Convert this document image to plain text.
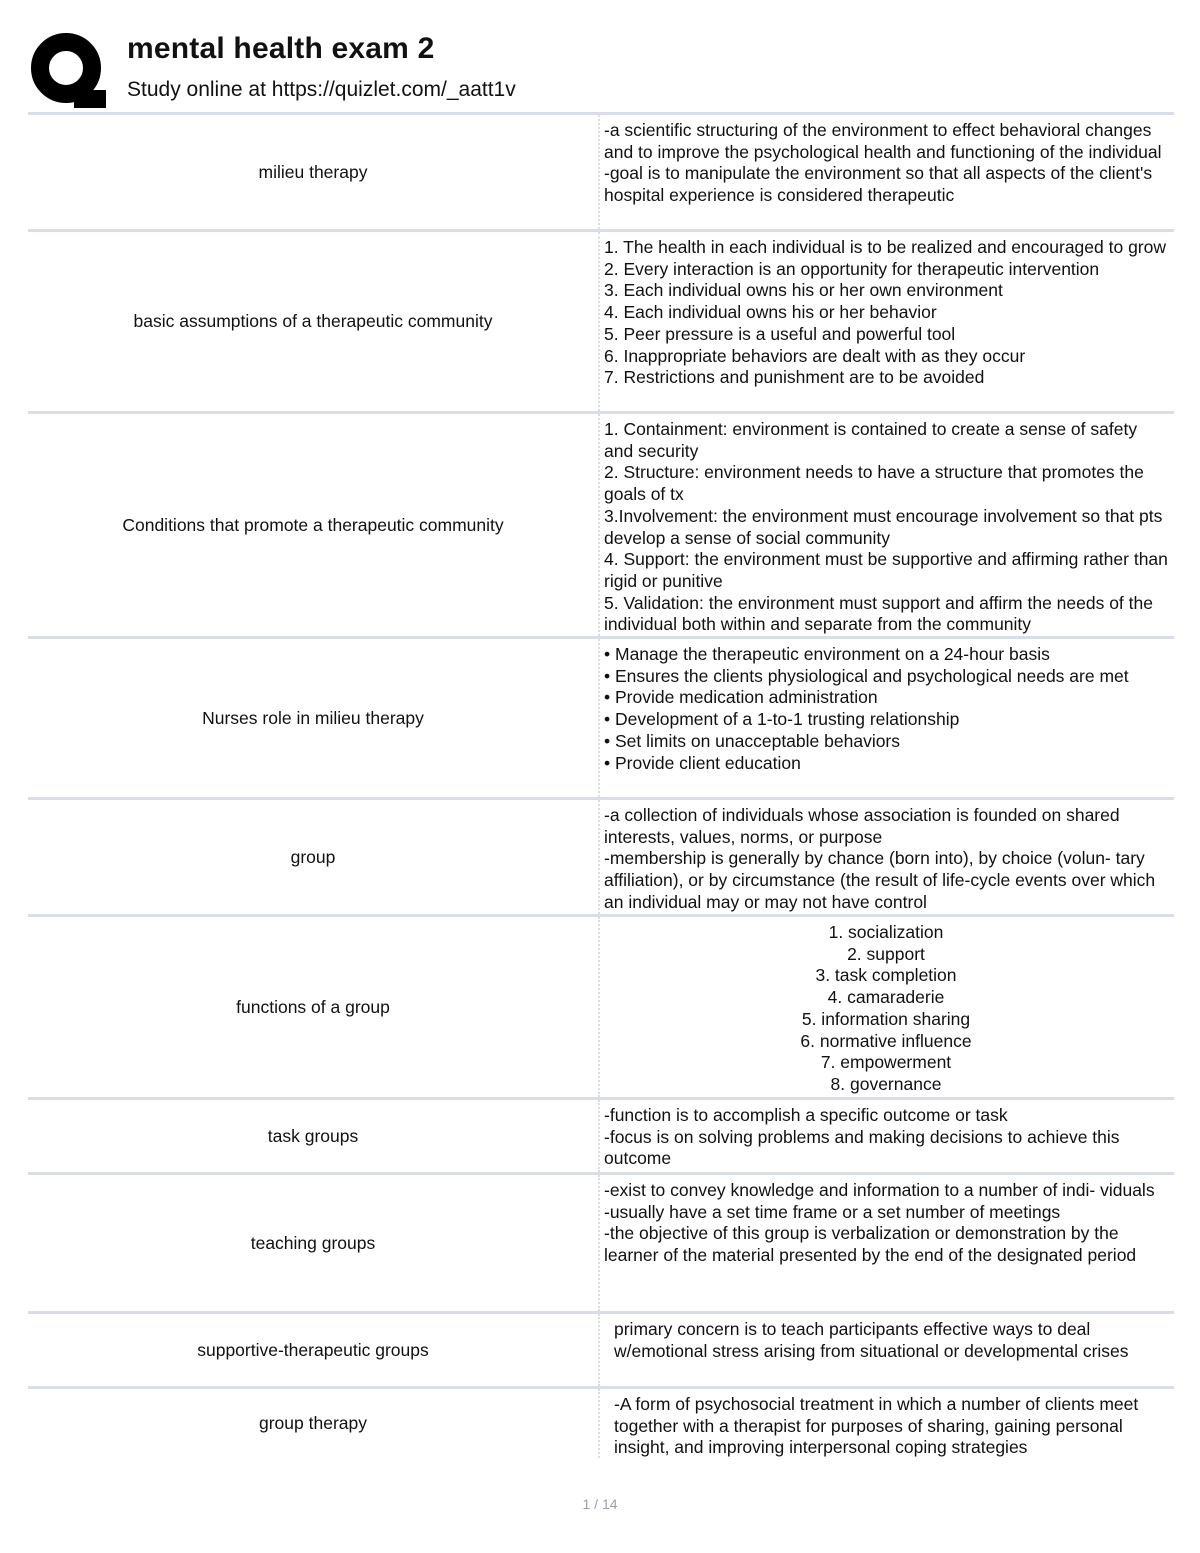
mental health exam 2
Study online at https://quizlet.com/_aatt1v
milieu therapy
-a scientific structuring of the environment to effect behavioral changes and to improve the psychological health and functioning of the individual
-goal is to manipulate the environment so that all aspects of the client's hospital experience is considered therapeutic
basic assumptions of a therapeutic community
1. The health in each individual is to be realized and encouraged to grow
2. Every interaction is an opportunity for therapeutic intervention
3. Each individual owns his or her own environment
4. Each individual owns his or her behavior
5. Peer pressure is a useful and powerful tool
6. Inappropriate behaviors are dealt with as they occur
7. Restrictions and punishment are to be avoided
Conditions that promote a therapeutic community
1. Containment: environment is contained to create a sense of safety and security
2. Structure: environment needs to have a structure that promotes the goals of tx
3.Involvement: the environment must encourage involvement so that pts develop a sense of social community
4. Support: the environment must be supportive and affirming rather than rigid or punitive
5. Validation: the environment must support and affirm the needs of the individual both within and separate from the community
Nurses role in milieu therapy
• Manage the therapeutic environment on a 24-hour basis
• Ensures the clients physiological and psychological needs are met
• Provide medication administration
• Development of a 1-to-1 trusting relationship
• Set limits on unacceptable behaviors
• Provide client education
group
-a collection of individuals whose association is founded on shared interests, values, norms, or purpose
-membership is generally by chance (born into), by choice (volun- tary affiliation), or by circumstance (the result of life-cycle events over which an individual may or may not have control
functions of a group
1. socialization
2. support
3. task completion
4. camaraderie
5. information sharing
6. normative influence
7. empowerment
8. governance
task groups
-function is to accomplish a specific outcome or task
-focus is on solving problems and making decisions to achieve this outcome
teaching groups
-exist to convey knowledge and information to a number of indi- viduals
-usually have a set time frame or a set number of meetings
-the objective of this group is verbalization or demonstration by the learner of the material presented by the end of the designated period
supportive-therapeutic groups
primary concern is to teach participants effective ways to deal w/emotional stress arising from situational or developmental crises
group therapy
-A form of psychosocial treatment in which a number of clients meet together with a therapist for purposes of sharing, gaining personal insight, and improving interpersonal coping strategies
1 / 14
